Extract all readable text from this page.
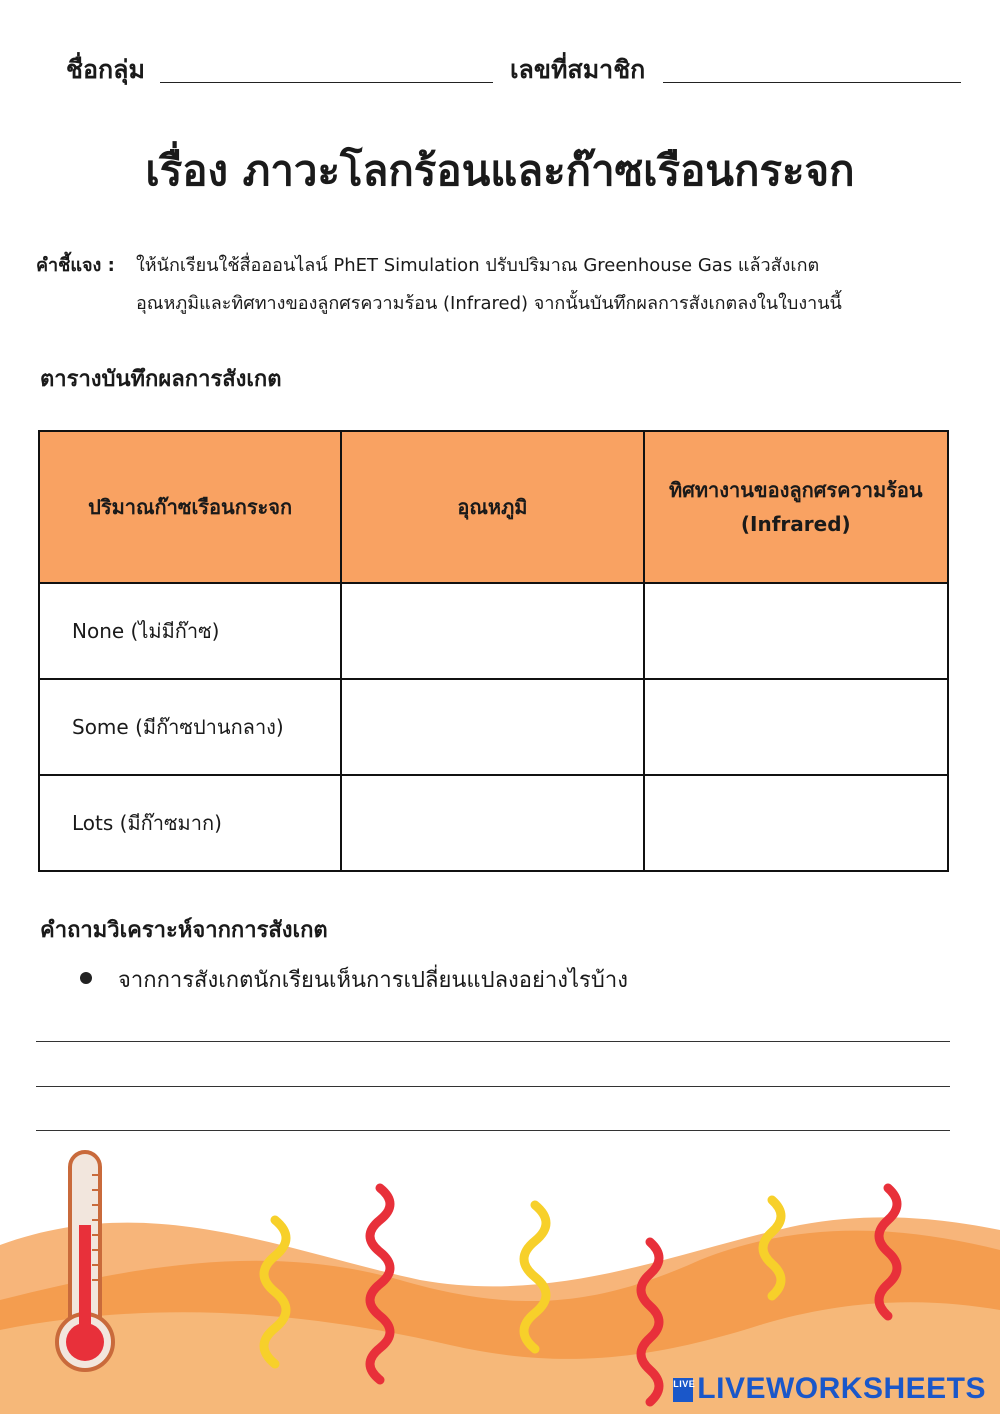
ชื่อกลุ่ม	เลขที่สมาชิก
เรื่อง ภาวะโลกร้อนและก๊าซเรือนกระจก
คำชี้แจง : ให้นักเรียนใช้สื่อออนไลน์ PhET Simulation ปรับปริมาณ Greenhouse Gas แล้วสังเกต
อุณหภูมิและทิศทางของลูกศรความร้อน (Infrared) จากนั้นบันทึกผลการสังเกตลงในใบงานนี้
ตารางบันทึกผลการสังเกต
ปริมาณก๊าซเรือนกระจก	อุณหภูมิ	ทิศทางานของลูกศรความร้อน (Infrared)
None (ไม่มีก๊าซ)		
Some (มีก๊าซปานกลาง)		
Lots (มีก๊าซมาก)		
คำถามวิเคราะห์จากการสังเกต
จากการสังเกตนักเรียนเห็นการเปลี่ยนแปลงอย่างไรบ้าง
LIVELIVEWORKSHEETS
